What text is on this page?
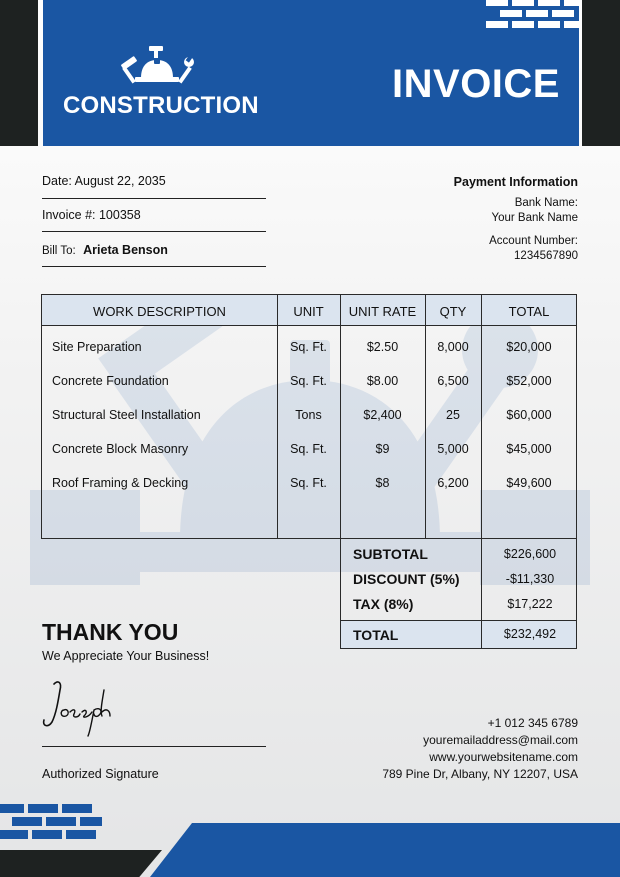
CONSTRUCTION	INVOICE
Date: August 22, 2035
Invoice #: 100358
Bill To: Arieta Benson
Payment Information
Bank Name:
Your Bank Name
Account Number:
1234567890
WORK DESCRIPTION	UNIT	UNIT RATE	QTY	TOTAL
Site Preparation	Sq. Ft.	$2.50	8,000	$20,000
Concrete Foundation	Sq. Ft.	$8.00	6,500	$52,000
Structural Steel Installation	Tons	$2,400	25	$60,000
Concrete Block Masonry	Sq. Ft.	$9	5,000	$45,000
Roof Framing & Decking	Sq. Ft.	$8	6,200	$49,600
SUBTOTAL	$226,600
DISCOUNT (5%)	-$11,330
TAX (8%)	$17,222
TOTAL	$232,492
THANK YOU
We Appreciate Your Business!
Authorized Signature
+1 012 345 6789
youremailaddress@mail.com
www.yourwebsitename.com
789 Pine Dr, Albany, NY 12207, USA
